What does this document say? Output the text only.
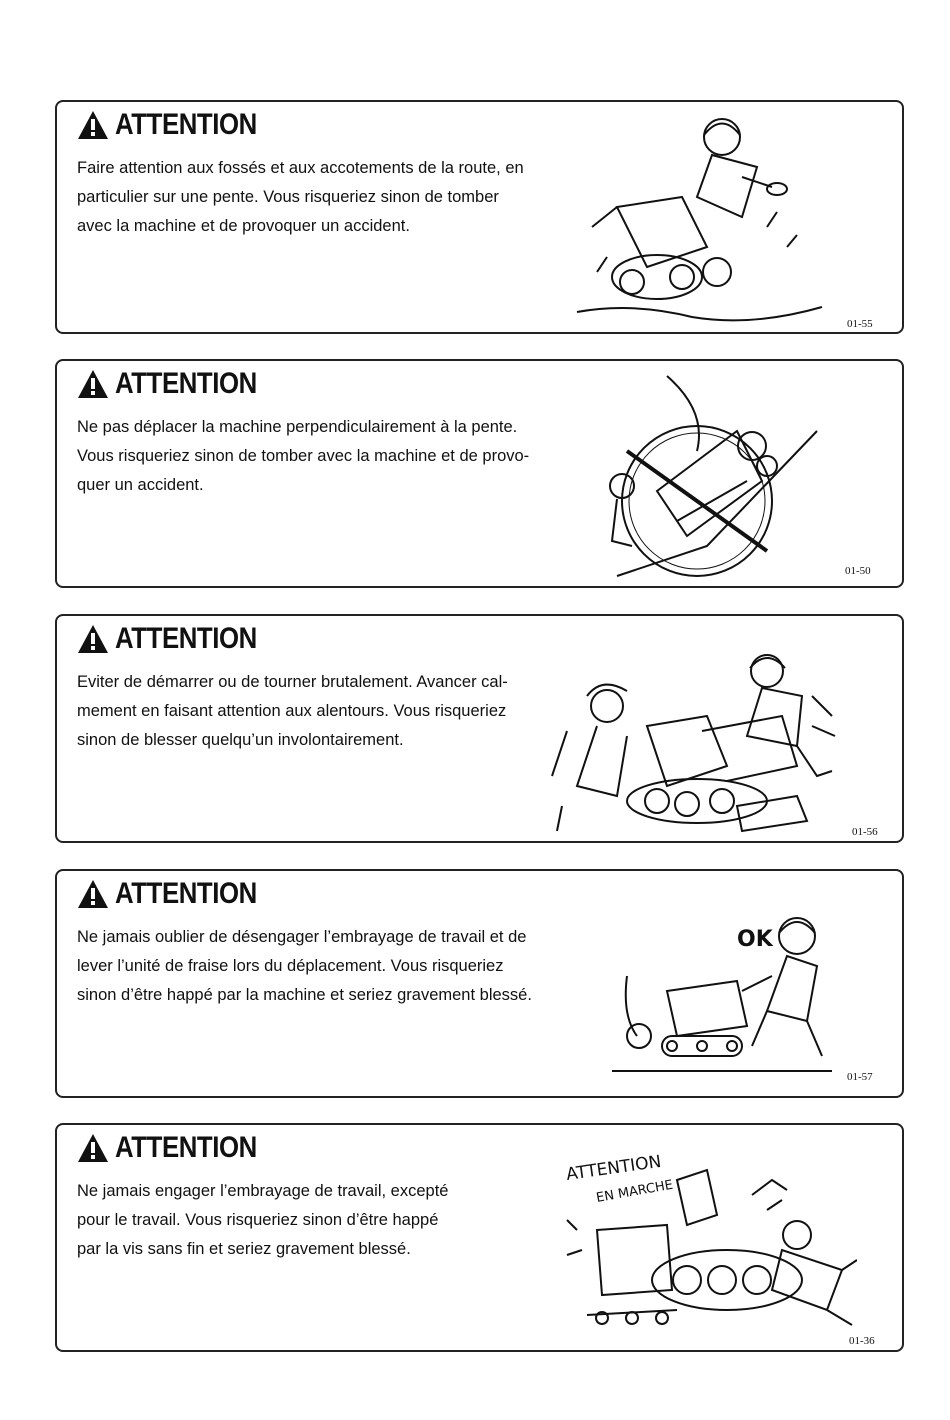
ATTENTION
Faire attention aux fossés et aux accotements de la route, en
particulier sur une pente. Vous risqueriez sinon de tomber
avec la machine et de provoquer un accident.
01-55
ATTENTION
Ne pas déplacer la machine perpendiculairement à la pente.
Vous risqueriez sinon de tomber avec la machine et de provo-
quer un accident.
01-50
ATTENTION
Eviter de démarrer ou de tourner brutalement. Avancer cal-
mement en faisant attention aux alentours. Vous risqueriez
sinon de blesser quelqu’un involontairement.
01-56
ATTENTION
Ne jamais oublier de désengager l’embrayage de travail et de
lever l’unité de fraise lors du déplacement. Vous risqueriez
sinon d’être happé par la machine et seriez gravement blessé.
OK
01-57
ATTENTION
Ne jamais engager l’embrayage de travail, excepté
pour le travail. Vous risqueriez sinon d’être happé
par la vis sans fin et seriez gravement blessé.
ATTENTION
EN MARCHE
01-36
